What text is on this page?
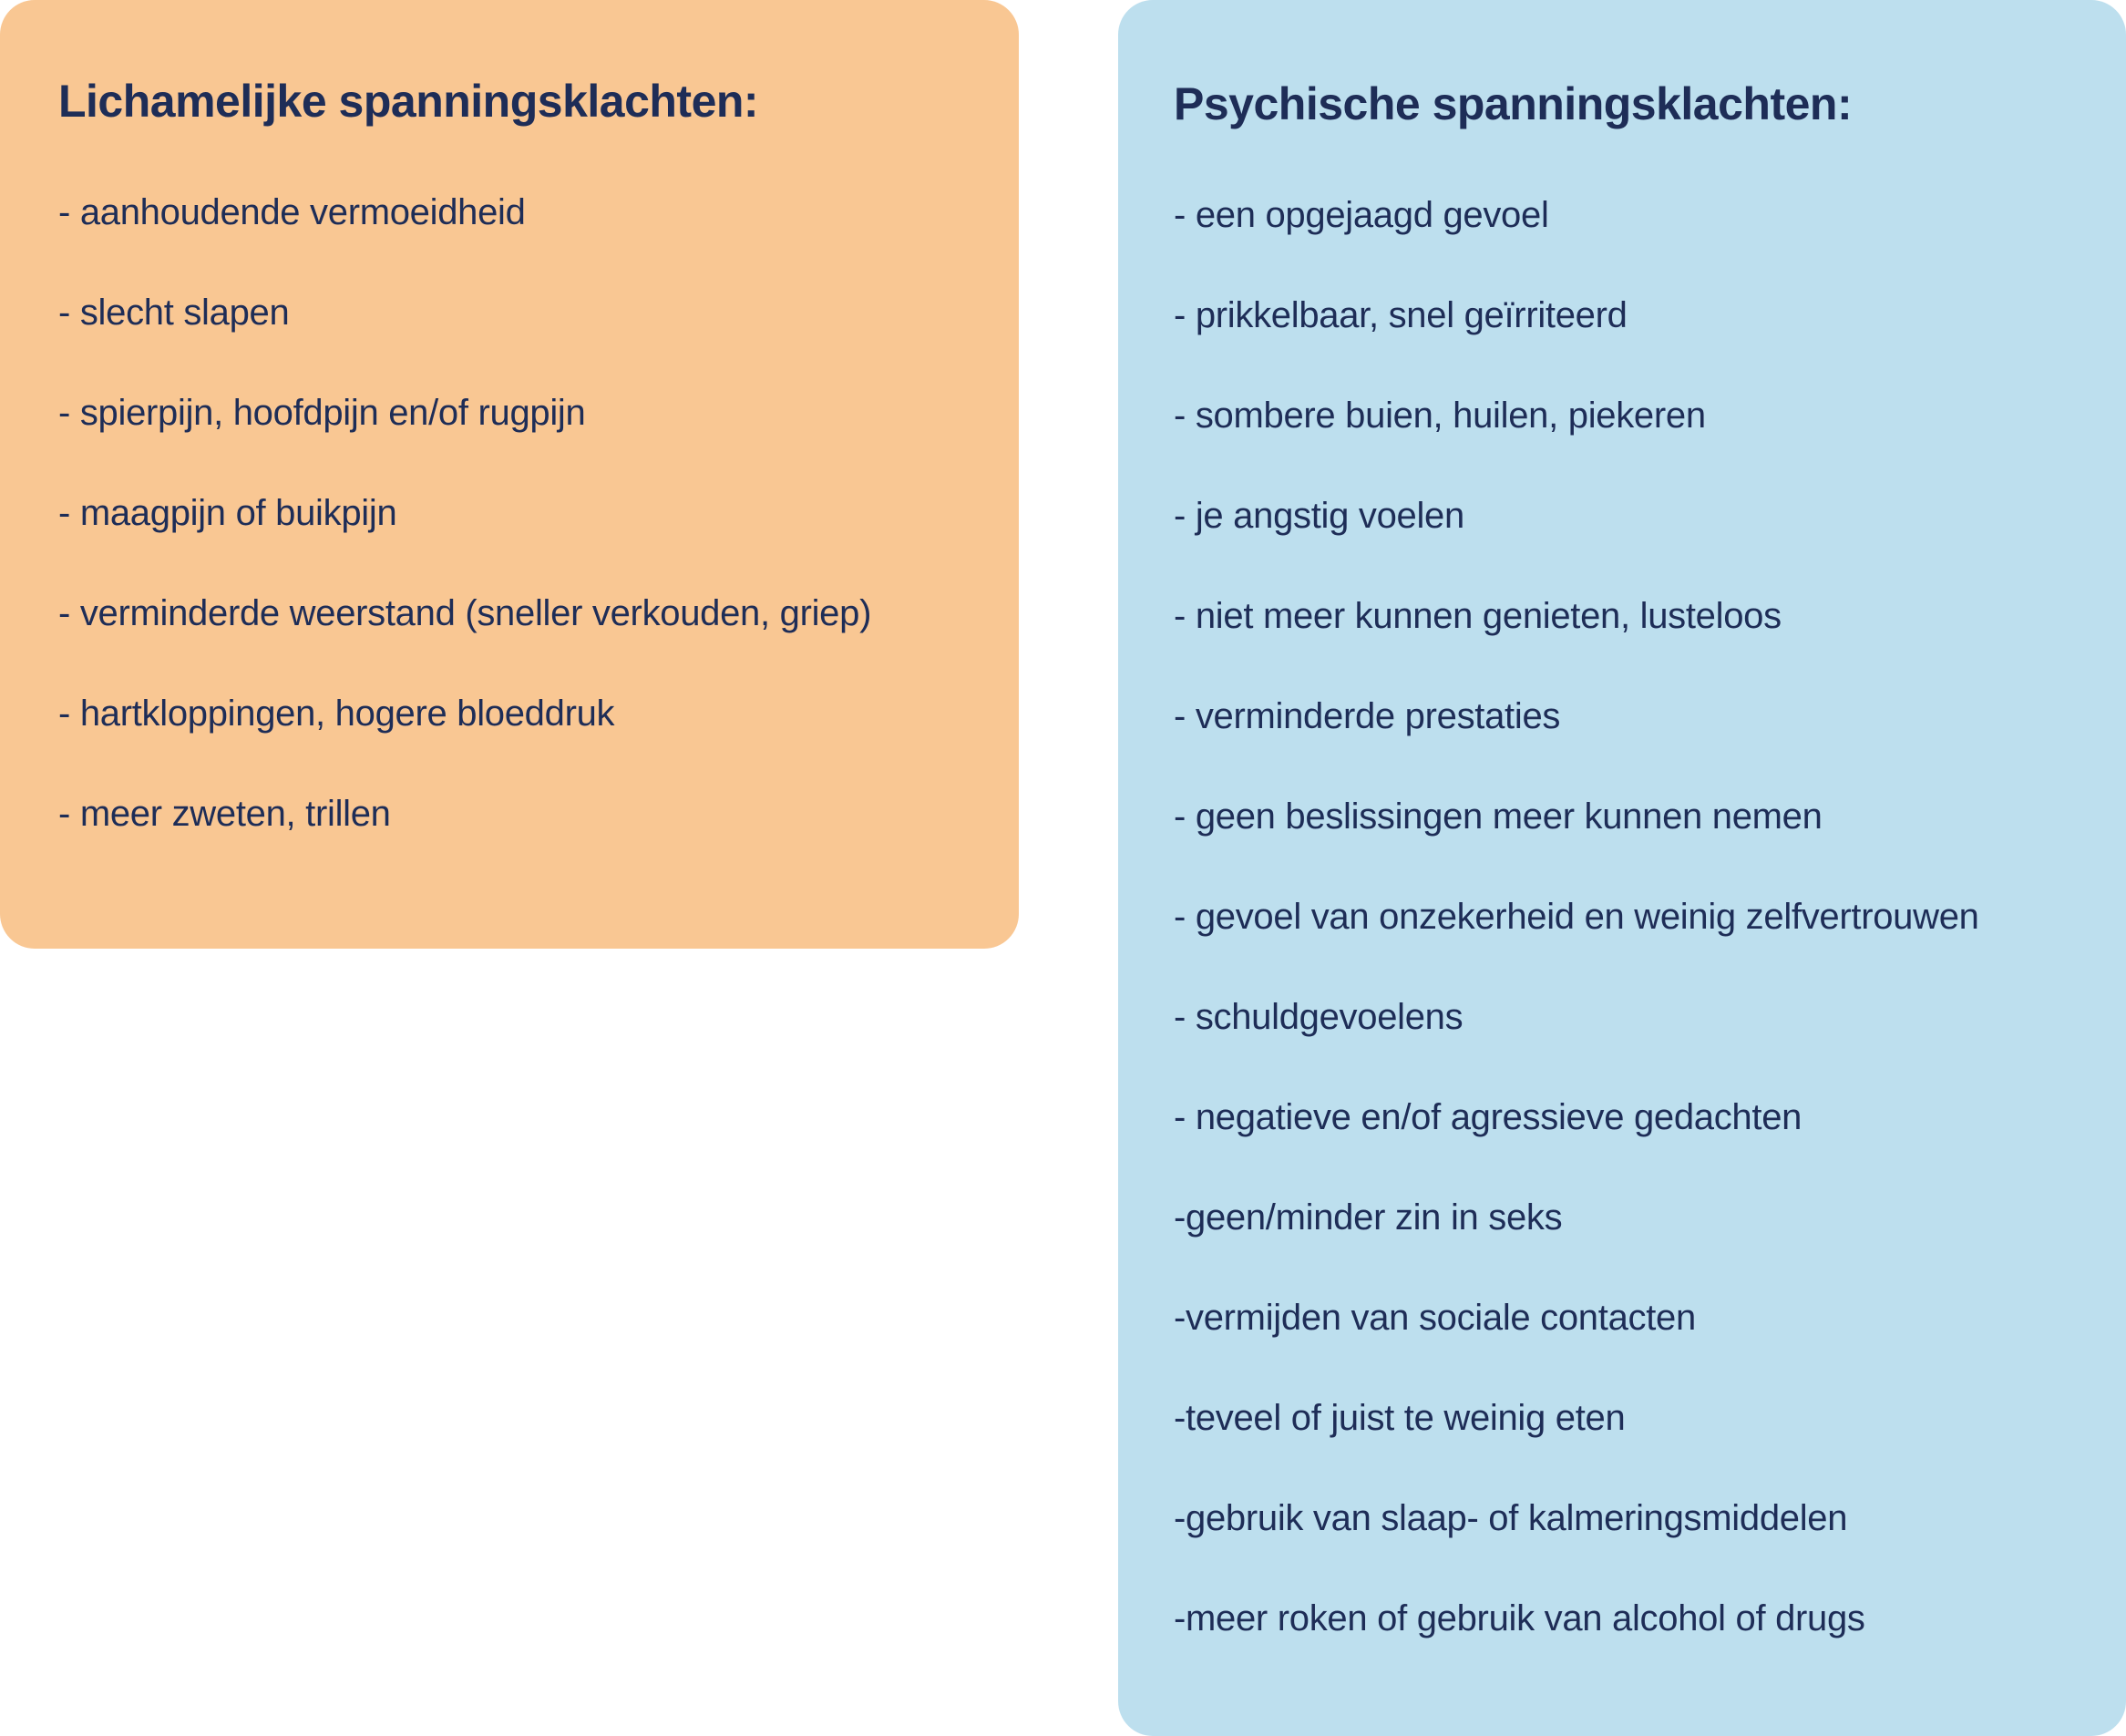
Lichamelijke spanningsklachten:
- aanhoudende vermoeidheid
- slecht slapen
- spierpijn, hoofdpijn en/of rugpijn
- maagpijn of buikpijn
- verminderde weerstand (sneller verkouden, griep)
- hartkloppingen, hogere bloeddruk
- meer zweten, trillen
Psychische spanningsklachten:
- een opgejaagd gevoel
- prikkelbaar, snel geïrriteerd
- sombere buien, huilen, piekeren
- je angstig voelen
- niet meer kunnen genieten, lusteloos
- verminderde prestaties
- geen beslissingen meer kunnen nemen
- gevoel van onzekerheid en weinig zelfvertrouwen
- schuldgevoelens
- negatieve en/of agressieve gedachten
-geen/minder zin in seks
-vermijden van sociale contacten
-teveel of juist te weinig eten
-gebruik van slaap- of kalmeringsmiddelen
-meer roken of gebruik van alcohol of drugs
